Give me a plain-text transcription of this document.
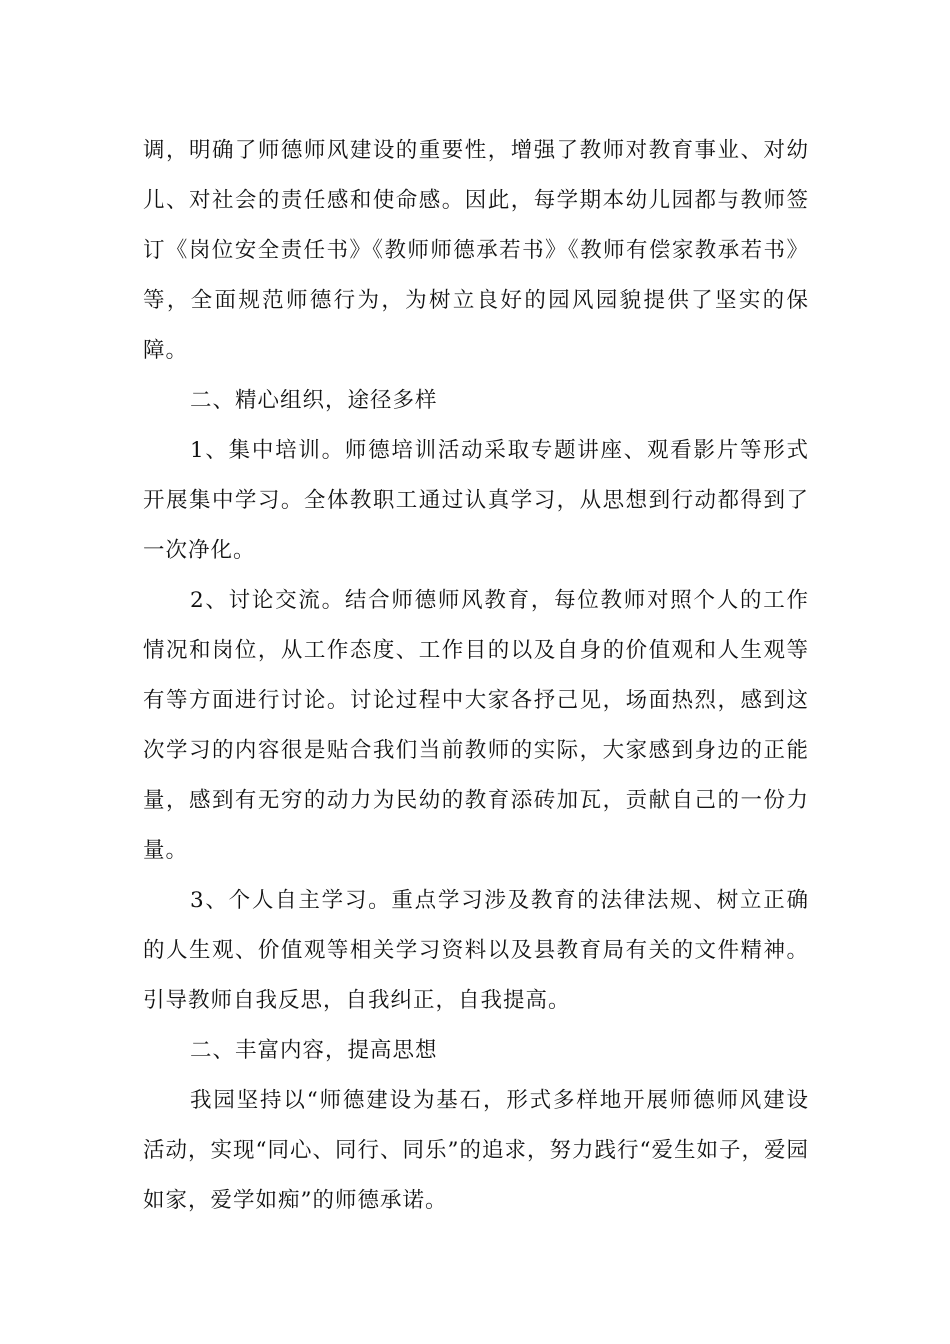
调，明确了师德师风建设的重要性，增强了教师对教育事业、对幼儿、对社会的责任感和使命感。因此，每学期本幼儿园都与教师签订《岗位安全责任书》《教师师德承若书》《教师有偿家教承若书》等，全面规范师德行为，为树立良好的园风园貌提供了坚实的保障。

二、精心组织，途径多样

1、集中培训。师德培训活动采取专题讲座、观看影片等形式开展集中学习。全体教职工通过认真学习，从思想到行动都得到了一次净化。

2、讨论交流。结合师德师风教育，每位教师对照个人的工作情况和岗位，从工作态度、工作目的以及自身的价值观和人生观等有等方面进行讨论。讨论过程中大家各抒己见，场面热烈，感到这次学习的内容很是贴合我们当前教师的实际，大家感到身边的正能量，感到有无穷的动力为民幼的教育添砖加瓦，贡献自己的一份力量。

3、个人自主学习。重点学习涉及教育的法律法规、树立正确的人生观、价值观等相关学习资料以及县教育局有关的文件精神。引导教师自我反思，自我纠正，自我提高。

二、丰富内容，提高思想

我园坚持以“师德建设为基石，形式多样地开展师德师风建设活动，实现“同心、同行、同乐”的追求，努力践行“爱生如子，爱园如家，爱学如痴”的师德承诺。
